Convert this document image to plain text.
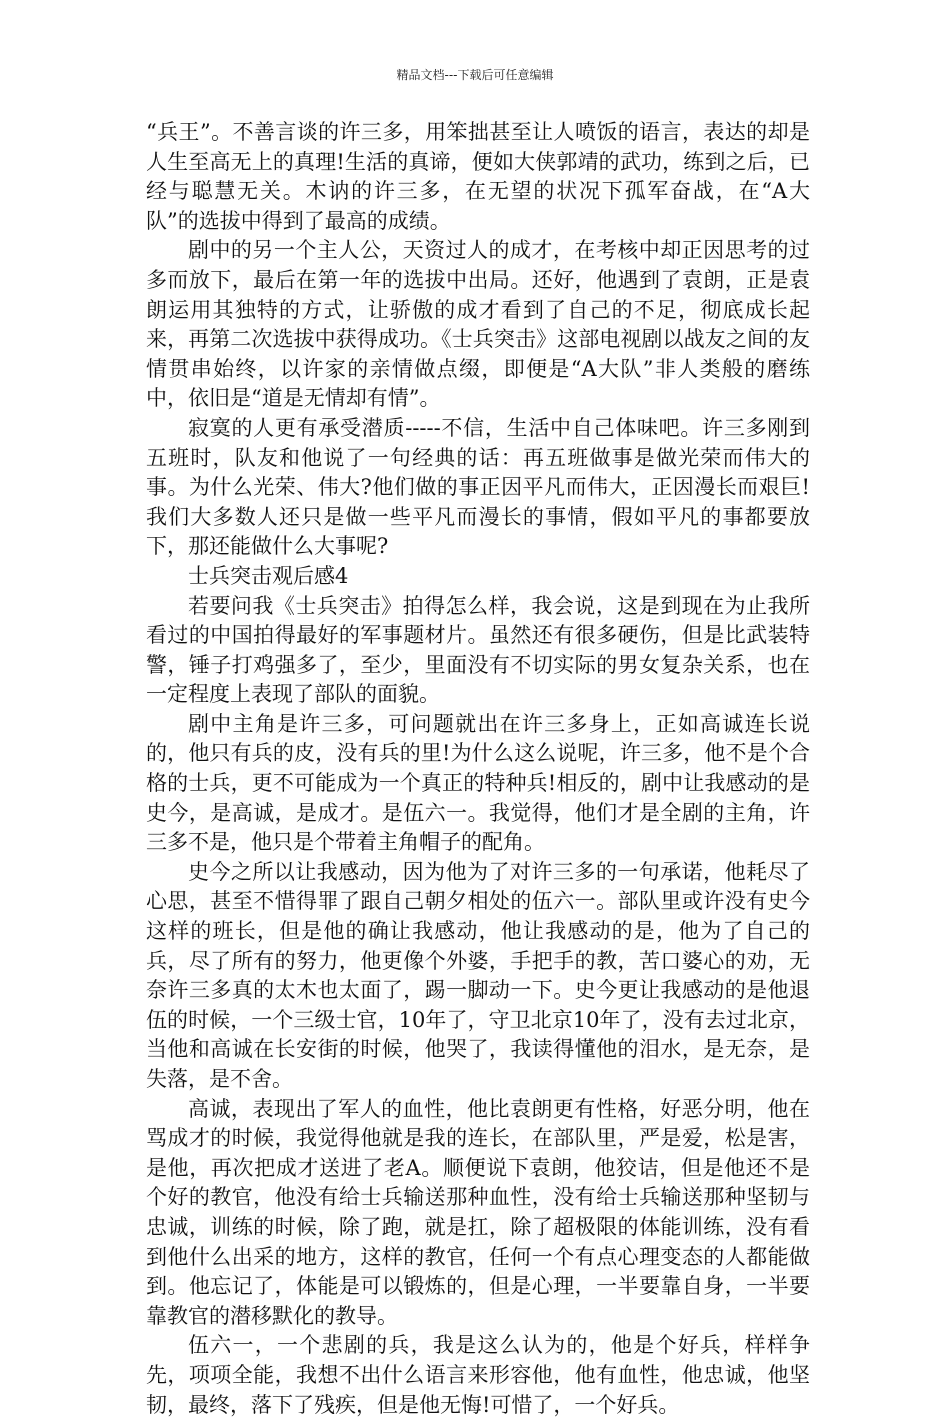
精品文档---下载后可任意编辑

“兵王”。不善言谈的许三多，用笨拙甚至让人喷饭的语言，表达的却是人生至高无上的真理!生活的真谛，便如大侠郭靖的武功，练到之后，已经与聪慧无关。木讷的许三多，在无望的状况下孤军奋战，在“A大队”的选拔中得到了最高的成绩。

剧中的另一个主人公，天资过人的成才，在考核中却正因思考的过多而放下，最后在第一年的选拔中出局。还好，他遇到了袁朗，正是袁朗运用其独特的方式，让骄傲的成才看到了自己的不足，彻底成长起来，再第二次选拔中获得成功。《士兵突击》这部电视剧以战友之间的友情贯串始终，以许家的亲情做点缀，即便是“A大队”非人类般的磨练中，依旧是“道是无情却有情”。

寂寞的人更有承受潜质-----不信，生活中自己体味吧。许三多刚到五班时，队友和他说了一句经典的话：再五班做事是做光荣而伟大的事。为什么光荣、伟大?他们做的事正因平凡而伟大，正因漫长而艰巨!我们大多数人还只是做一些平凡而漫长的事情，假如平凡的事都要放下，那还能做什么大事呢?

士兵突击观后感4

若要问我《士兵突击》拍得怎么样，我会说，这是到现在为止我所看过的中国拍得最好的军事题材片。虽然还有很多硬伤，但是比武装特警，锤子打鸡强多了，至少，里面没有不切实际的男女复杂关系，也在一定程度上表现了部队的面貌。

剧中主角是许三多，可问题就出在许三多身上，正如高诚连长说的，他只有兵的皮，没有兵的里!为什么这么说呢，许三多，他不是个合格的士兵，更不可能成为一个真正的特种兵!相反的，剧中让我感动的是史今，是高诚，是成才。是伍六一。我觉得，他们才是全剧的主角，许三多不是，他只是个带着主角帽子的配角。

史今之所以让我感动，因为他为了对许三多的一句承诺，他耗尽了心思，甚至不惜得罪了跟自己朝夕相处的伍六一。部队里或许没有史今这样的班长，但是他的确让我感动，他让我感动的是，他为了自己的兵，尽了所有的努力，他更像个外婆，手把手的教，苦口婆心的劝，无奈许三多真的太木也太面了，踢一脚动一下。史今更让我感动的是他退伍的时候，一个三级士官，10年了，守卫北京10年了，没有去过北京，当他和高诚在长安街的时候，他哭了，我读得懂他的泪水，是无奈，是失落，是不舍。

高诚，表现出了军人的血性，他比袁朗更有性格，好恶分明，他在骂成才的时候，我觉得他就是我的连长，在部队里，严是爱，松是害，是他，再次把成才送进了老A。顺便说下袁朗，他狡诘，但是他还不是个好的教官，他没有给士兵输送那种血性，没有给士兵输送那种坚韧与忠诚，训练的时候，除了跑，就是扛，除了超极限的体能训练，没有看到他什么出采的地方，这样的教官，任何一个有点心理变态的人都能做到。他忘记了，体能是可以锻炼的，但是心理，一半要靠自身，一半要靠教官的潜移默化的教导。

伍六一，一个悲剧的兵，我是这么认为的，他是个好兵，样样争先，项项全能，我想不出什么语言来形容他，他有血性，他忠诚，他坚韧，最终，落下了残疾，但是他无悔!可惜了，一个好兵。
